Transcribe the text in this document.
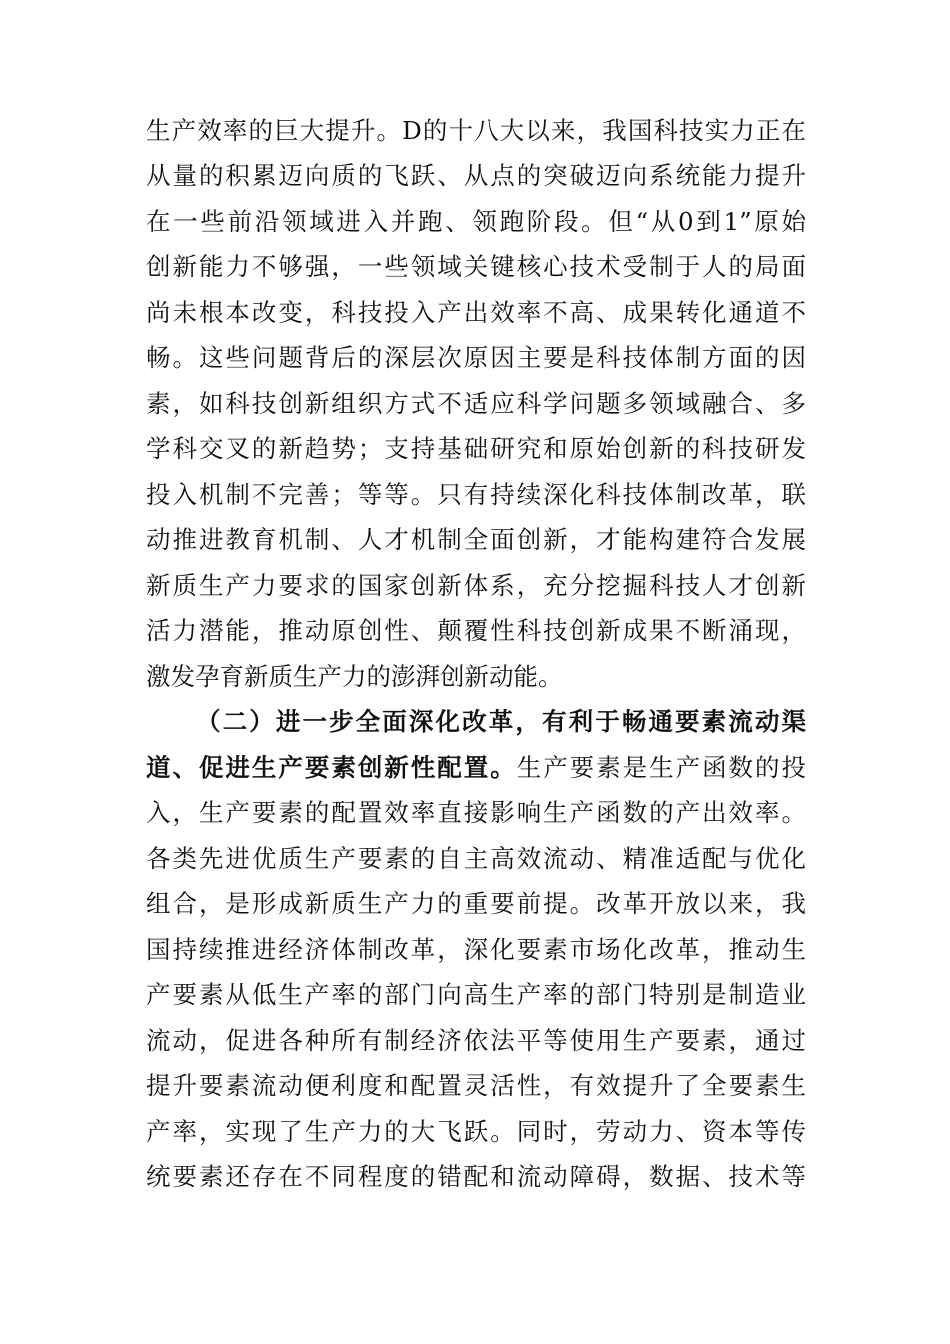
生产效率的巨大提升。D的十八大以来，我国科技实力正在
从量的积累迈向质的飞跃、从点的突破迈向系统能力提升
在一些前沿领域进入并跑、领跑阶段。但“从0到1”原始
创新能力不够强，一些领域关键核心技术受制于人的局面
尚未根本改变，科技投入产出效率不高、成果转化通道不
畅。这些问题背后的深层次原因主要是科技体制方面的因
素，如科技创新组织方式不适应科学问题多领域融合、多
学科交叉的新趋势；支持基础研究和原始创新的科技研发
投入机制不完善；等等。只有持续深化科技体制改革，联
动推进教育机制、人才机制全面创新，才能构建符合发展
新质生产力要求的国家创新体系，充分挖掘科技人才创新
活力潜能，推动原创性、颠覆性科技创新成果不断涌现，
激发孕育新质生产力的澎湃创新动能。
（二）进一步全面深化改革，有利于畅通要素流动渠
道、促进生产要素创新性配置。生产要素是生产函数的投
入，生产要素的配置效率直接影响生产函数的产出效率。
各类先进优质生产要素的自主高效流动、精准适配与优化
组合，是形成新质生产力的重要前提。改革开放以来，我
国持续推进经济体制改革，深化要素市场化改革，推动生
产要素从低生产率的部门向高生产率的部门特别是制造业
流动，促进各种所有制经济依法平等使用生产要素，通过
提升要素流动便利度和配置灵活性，有效提升了全要素生
产率，实现了生产力的大飞跃。同时，劳动力、资本等传
统要素还存在不同程度的错配和流动障碍，数据、技术等
